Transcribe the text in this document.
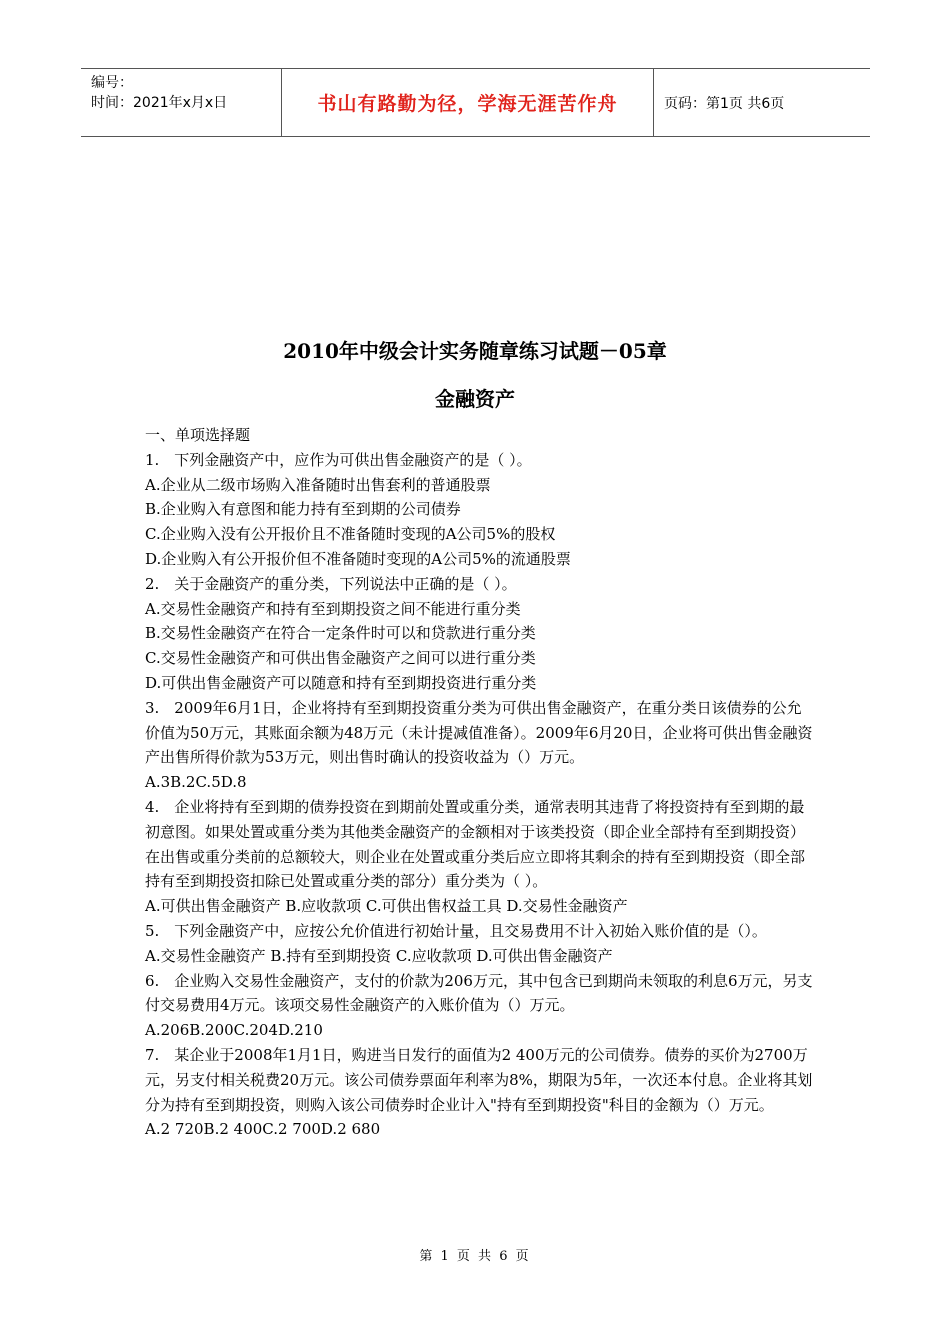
编号：
时间：2021年x月x日	书山有路勤为径，学海无涯苦作舟	页码：第1页 共6页
2010年中级会计实务随章练习试题－05章
金融资产

一、单项选择题

1.　下列金融资产中，应作为可供出售金融资产的是（ ）。

A.企业从二级市场购入准备随时出售套利的普通股票

B.企业购入有意图和能力持有至到期的公司债券

C.企业购入没有公开报价且不准备随时变现的A公司5%的股权

D.企业购入有公开报价但不准备随时变现的A公司5%的流通股票

2.　关于金融资产的重分类，下列说法中正确的是（ ）。

A.交易性金融资产和持有至到期投资之间不能进行重分类

B.交易性金融资产在符合一定条件时可以和贷款进行重分类

C.交易性金融资产和可供出售金融资产之间可以进行重分类

D.可供出售金融资产可以随意和持有至到期投资进行重分类

3.　2009年6月1日，企业将持有至到期投资重分类为可供出售金融资产，在重分类日该债券的公允价值为50万元，其账面余额为48万元（未计提减值准备）。2009年6月20日，企业将可供出售金融资产出售所得价款为53万元，则出售时确认的投资收益为（）万元。

A.3B.2C.5D.8

4.　企业将持有至到期的债券投资在到期前处置或重分类，通常表明其违背了将投资持有至到期的最初意图。如果处置或重分类为其他类金融资产的金额相对于该类投资（即企业全部持有至到期投资）在出售或重分类前的总额较大，则企业在处置或重分类后应立即将其剩余的持有至到期投资（即全部持有至到期投资扣除已处置或重分类的部分）重分类为（ ）。

A.可供出售金融资产 B.应收款项 C.可供出售权益工具 D.交易性金融资产

5.　下列金融资产中，应按公允价值进行初始计量，且交易费用不计入初始入账价值的是（）。

A.交易性金融资产 B.持有至到期投资 C.应收款项 D.可供出售金融资产

6.　企业购入交易性金融资产，支付的价款为206万元，其中包含已到期尚未领取的利息6万元，另支付交易费用4万元。该项交易性金融资产的入账价值为（）万元。

A.206B.200C.204D.210

7.　某企业于2008年1月1日，购进当日发行的面值为2 400万元的公司债券。债券的买价为2700万元，另支付相关税费20万元。该公司债券票面年利率为8%，期限为5年，一次还本付息。企业将其划分为持有至到期投资，则购入该公司债券时企业计入"持有至到期投资"科目的金额为（）万元。

A.2 720B.2 400C.2 700D.2 680

第 1 页 共 6 页
